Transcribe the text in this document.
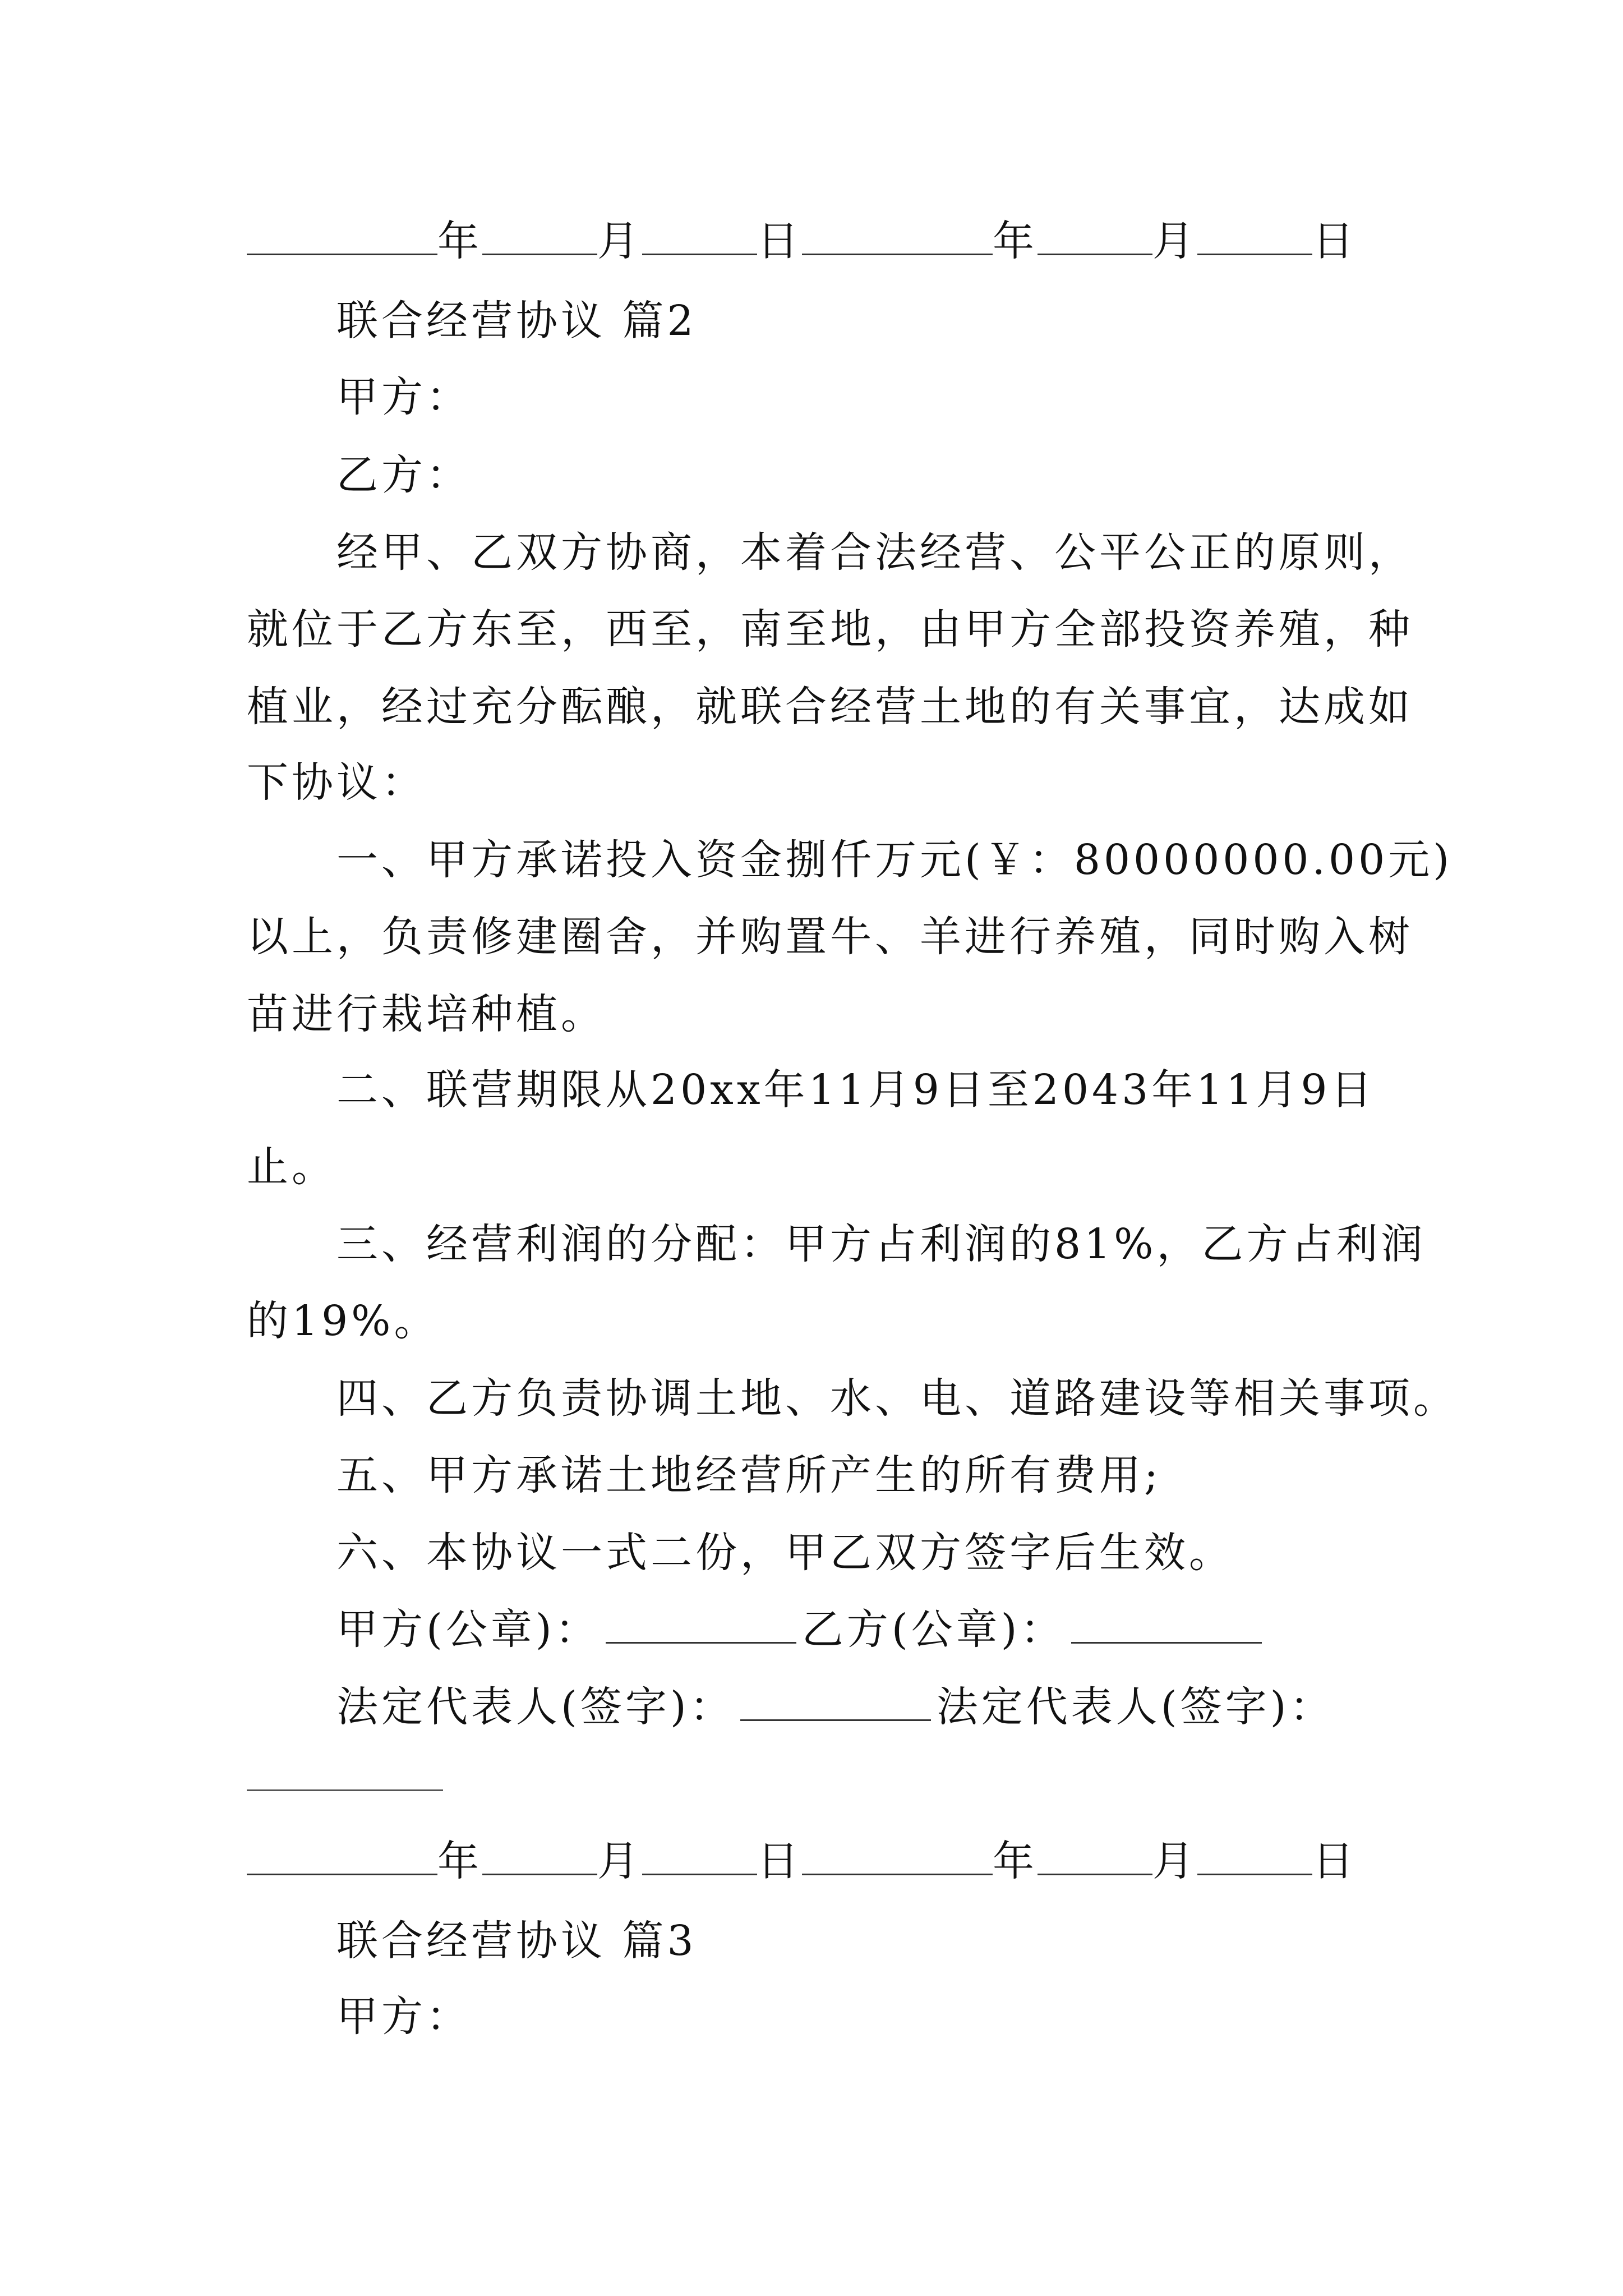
年	月	日	年	月	日
联合经营协议 篇2
甲方：
乙方：
经甲、乙双方协商，本着合法经营、公平公正的原则，
就位于乙方东至，西至，南至地，由甲方全部投资养殖，种
植业，经过充分酝酿，就联合经营土地的有关事宜，达成如
下协议：
一、甲方承诺投入资金捌仟万元(￥：80000000.00元)
以上，负责修建圈舍，并购置牛、羊进行养殖，同时购入树
苗进行栽培种植。
二、联营期限从20xx年11月9日至2043年11月9日
止。
三、经营利润的分配：甲方占利润的81%，乙方占利润
的19%。
四、乙方负责协调土地、水、电、道路建设等相关事项。
五、甲方承诺土地经营所产生的所有费用;
六、本协议一式二份，甲乙双方签字后生效。
甲方(公章)：	乙方(公章)：
法定代表人(签字)：	法定代表人(签字)：
年	月	日	年	月	日
联合经营协议 篇3
甲方：
